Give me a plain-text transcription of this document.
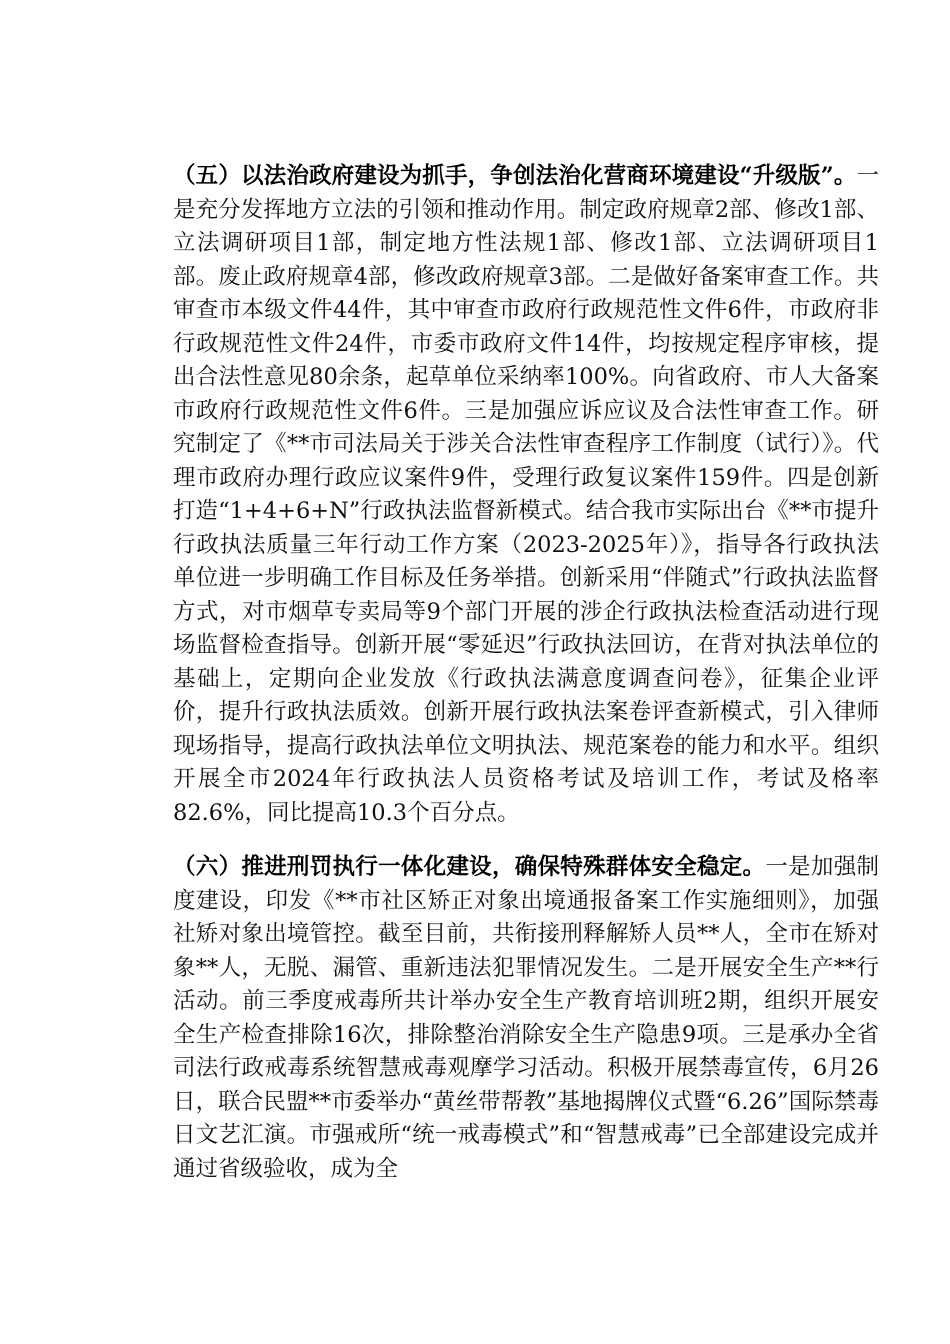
（五）以法治政府建设为抓手，争创法治化营商环境建设“升级版”。一是充分发挥地方立法的引领和推动作用。制定政府规章2部、修改1部、立法调研项目1部，制定地方性法规1部、修改1部、立法调研项目1部。废止政府规章4部，修改政府规章3部。二是做好备案审查工作。共审查市本级文件44件，其中审查市政府行政规范性文件6件，市政府非行政规范性文件24件，市委市政府文件14件，均按规定程序审核，提出合法性意见80余条，起草单位采纳率100%。向省政府、市人大备案市政府行政规范性文件6件。三是加强应诉应议及合法性审查工作。研究制定了《**市司法局关于涉关合法性审查程序工作制度（试行）》。代理市政府办理行政应议案件9件，受理行政复议案件159件。四是创新打造“1+4+6+N”行政执法监督新模式。结合我市实际出台《**市提升行政执法质量三年行动工作方案（2023-2025年）》，指导各行政执法单位进一步明确工作目标及任务举措。创新采用“伴随式”行政执法监督方式，对市烟草专卖局等9个部门开展的涉企行政执法检查活动进行现场监督检查指导。创新开展“零延迟”行政执法回访，在背对执法单位的基础上，定期向企业发放《行政执法满意度调查问卷》，征集企业评价，提升行政执法质效。创新开展行政执法案卷评查新模式，引入律师现场指导，提高行政执法单位文明执法、规范案卷的能力和水平。组织开展全市2024年行政执法人员资格考试及培训工作，考试及格率82.6%，同比提高10.3个百分点。

（六）推进刑罚执行一体化建设，确保特殊群体安全稳定。一是加强制度建设，印发《**市社区矫正对象出境通报备案工作实施细则》，加强社矫对象出境管控。截至目前，共衔接刑释解矫人员**人，全市在矫对象**人，无脱、漏管、重新违法犯罪情况发生。二是开展安全生产**行活动。前三季度戒毒所共计举办安全生产教育培训班2期，组织开展安全生产检查排除16次，排除整治消除安全生产隐患9项。三是承办全省司法行政戒毒系统智慧戒毒观摩学习活动。积极开展禁毒宣传，6月26日，联合民盟**市委举办“黄丝带帮教”基地揭牌仪式暨“6.26”国际禁毒日文艺汇演。市强戒所“统一戒毒模式”和“智慧戒毒”已全部建设完成并通过省级验收，成为全
